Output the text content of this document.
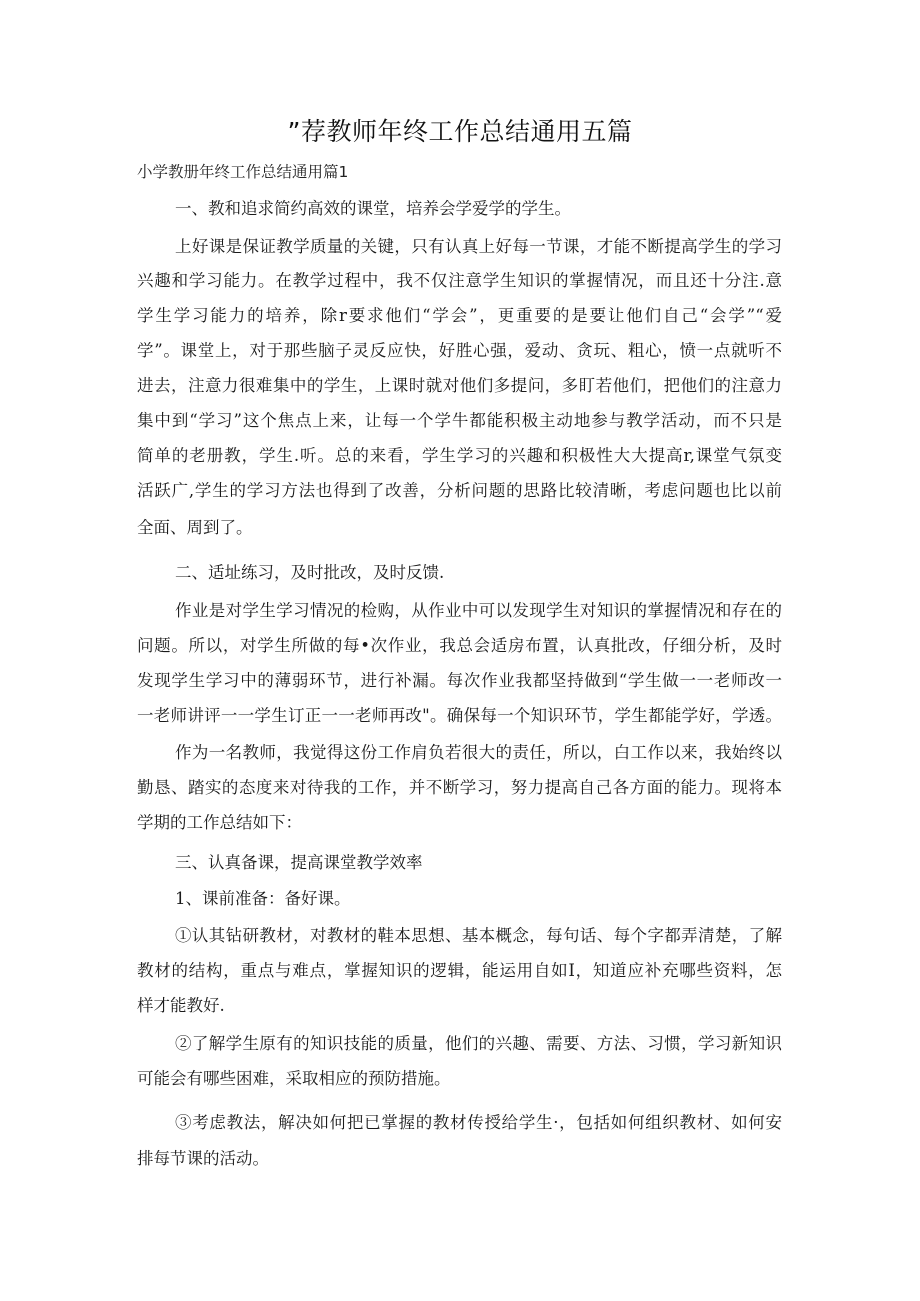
”荐教师年终工作总结通用五篇
小学教册年终工作总结通用篇1
一、教和追求简约高效的课堂，培养会学爱学的学生。
上好课是保证教学质量的关键，只有认真上好每一节课，才能不断提高学生的学习
兴趣和学习能力。在教学过程中，我不仅注意学生知识的掌握情况，而且还十分注.意
学生学习能力的培养，除r要求他们“学会”，更重要的是要让他们自己“会学”“爱
学”。课堂上，对于那些脑子灵反应快，好胜心强，爱动、贪玩、粗心，愤一点就听不
进去，注意力很难集中的学生，上课时就对他们多提问，多盯若他们，把他们的注意力
集中到“学习”这个焦点上来，让每一个学牛都能积极主动地参与教学活动，而不只是
简单的老册教，学生.听。总的来看，学生学习的兴趣和积极性大大提高r,课堂气氛变
活跃广,学生的学习方法也得到了改善，分析问题的思路比较清晰，考虑问题也比以前
全面、周到了。
二、适址练习，及时批改，及时反馈.
作业是对学生学习情况的检购，从作业中可以发现学生对知识的掌握情况和存在的
问题。所以，对学生所做的每•次作业，我总会适房布置，认真批改，仔细分析，及时
发现学生学习中的薄弱环节，进行补漏。每次作业我都坚持做到“学生做一一老师改一
一老师讲评一一学生订正一一老师再改"。确保每一个知识环节，学生都能学好，学透。
作为一名教师，我觉得这份工作肩负若很大的责任，所以，白工作以来，我始终以
勤恳、踏实的态度来对待我的工作，并不断学习，努力提高自己各方面的能力。现将本
学期的工作总结如下：
三、认真备课，提高课堂教学效率
1、课前准备：备好课。
①认其钻研教材，对教材的鞋本思想、基本概念，每句话、每个字都弄清楚，了解
教材的结构，重点与难点，掌握知识的逻辑，能运用自如I，知道应补充哪些资料，怎
样才能教好.
②了解学生原有的知识技能的质量，他们的兴趣、需要、方法、习惯，学习新知识
可能会有哪些困难，采取相应的预防措施。
③考虑教法，解决如何把已掌握的教材传授给学生·，包括如何组织教材、如何安
排每节课的活动。
